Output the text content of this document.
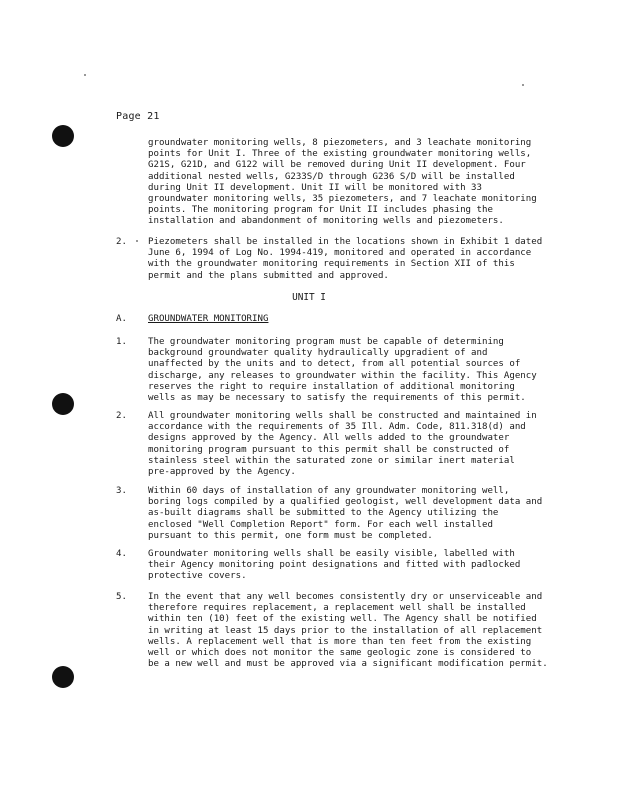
Page 21
groundwater monitoring wells, 8 piezometers, and 3 leachate monitoring
points for Unit I. Three of the existing groundwater monitoring wells,
G21S, G21D, and G122 will be removed during Unit II development. Four
additional nested wells, G233S/D through G236 S/D will be installed
during Unit II development. Unit II will be monitored with 33
groundwater monitoring wells, 35 piezometers, and 7 leachate monitoring
points. The monitoring program for Unit II includes phasing the
installation and abandonment of monitoring wells and piezometers.
2. Piezometers shall be installed in the locations shown in Exhibit 1 dated
June 6, 1994 of Log No. 1994-419, monitored and operated in accordance
with the groundwater monitoring requirements in Section XII of this
permit and the plans submitted and approved.
UNIT I
A. GROUNDWATER MONITORING
1. The groundwater monitoring program must be capable of determining
background groundwater quality hydraulically upgradient of and
unaffected by the units and to detect, from all potential sources of
discharge, any releases to groundwater within the facility. This Agency
reserves the right to require installation of additional monitoring
wells as may be necessary to satisfy the requirements of this permit.
2. All groundwater monitoring wells shall be constructed and maintained in
accordance with the requirements of 35 Ill. Adm. Code, 811.318(d) and
designs approved by the Agency. All wells added to the groundwater
monitoring program pursuant to this permit shall be constructed of
stainless steel within the saturated zone or similar inert material
pre-approved by the Agency.
3. Within 60 days of installation of any groundwater monitoring well,
boring logs compiled by a qualified geologist, well development data and
as-built diagrams shall be submitted to the Agency utilizing the
enclosed "Well Completion Report" form. For each well installed
pursuant to this permit, one form must be completed.
4. Groundwater monitoring wells shall be easily visible, labelled with
their Agency monitoring point designations and fitted with padlocked
protective covers.
5. In the event that any well becomes consistently dry or unserviceable and
therefore requires replacement, a replacement well shall be installed
within ten (10) feet of the existing well. The Agency shall be notified
in writing at least 15 days prior to the installation of all replacement
wells. A replacement well that is more than ten feet from the existing
well or which does not monitor the same geologic zone is considered to
be a new well and must be approved via a significant modification permit.
